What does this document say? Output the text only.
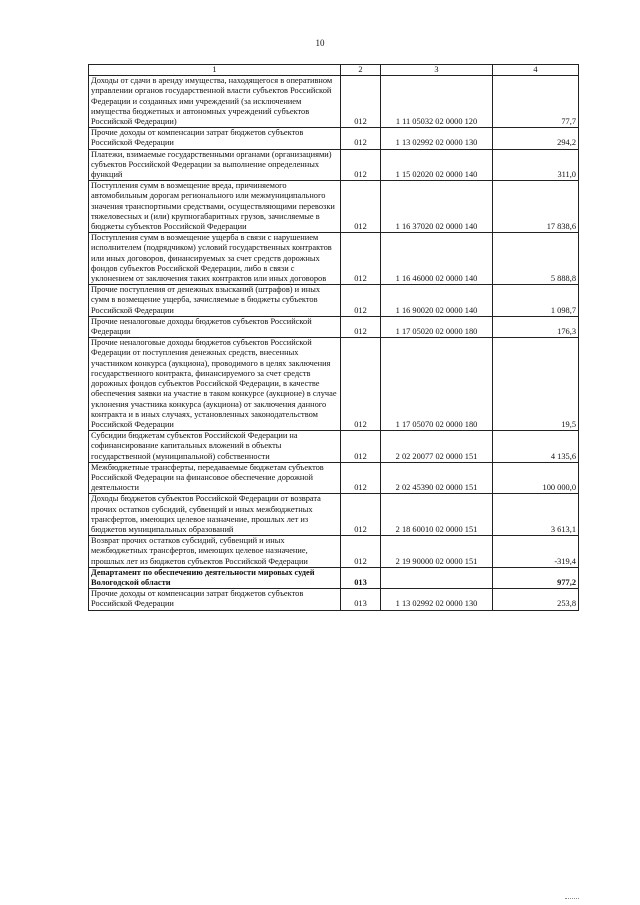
10
1	2	3	4
Доходы от сдачи в аренду имущества, находящегося в оперативном управлении органов государственной власти субъектов Российской Федерации и созданных ими учреждений (за исключением имущества бюджетных и автономных учреждений субъектов Российской Федерации)	012	1 11 05032 02 0000 120	77,7
Прочие доходы от компенсации затрат бюджетов субъектов Российской Федерации	012	1 13 02992 02 0000 130	294,2
Платежи, взимаемые государственными органами (организациями) субъектов Российской Федерации за выполнение определенных функций	012	1 15 02020 02 0000 140	311,0
Поступления сумм в возмещение вреда, причиняемого автомобильным дорогам регионального или межмуниципального значения транспортными средствами, осуществляющими перевозки тяжеловесных и (или) крупногабаритных грузов, зачисляемые в бюджеты субъектов Российской Федерации	012	1 16 37020 02 0000 140	17 838,6
Поступления сумм в возмещение ущерба в связи с нарушением исполнителем (подрядчиком) условий государственных контрактов или иных договоров, финансируемых за счет средств дорожных фондов субъектов Российской Федерации, либо в связи с уклонением от заключения таких контрактов или иных договоров	012	1 16 46000 02 0000 140	5 888,8
Прочие поступления от денежных взысканий (штрафов) и иных сумм в возмещение ущерба, зачисляемые в бюджеты субъектов Российской Федерации	012	1 16 90020 02 0000 140	1 098,7
Прочие неналоговые доходы бюджетов субъектов Российской Федерации	012	1 17 05020 02 0000 180	176,3
Прочие неналоговые доходы бюджетов субъектов Российской Федерации от поступления денежных средств, внесенных участником конкурса (аукциона), проводимого в целях заключения государственного контракта, финансируемого за счет средств дорожных фондов субъектов Российской Федерации, в качестве обеспечения заявки на участие в таком конкурсе (аукционе) в случае уклонения участника конкурса (аукциона) от заключения данного контракта и в иных случаях, установленных законодательством Российской Федерации	012	1 17 05070 02 0000 180	19,5
Субсидии бюджетам субъектов Российской Федерации на софинансирование капитальных вложений в объекты государственной (муниципальной) собственности	012	2 02 20077 02 0000 151	4 135,6
Межбюджетные трансферты, передаваемые бюджетам субъектов Российской Федерации на финансовое обеспечение дорожной деятельности	012	2 02 45390 02 0000 151	100 000,0
Доходы бюджетов субъектов Российской Федерации от возврата прочих остатков субсидий, субвенций и иных межбюджетных трансфертов, имеющих целевое назначение, прошлых лет из бюджетов муниципальных образований	012	2 18 60010 02 0000 151	3 613,1
Возврат прочих остатков субсидий, субвенций и иных межбюджетных трансфертов, имеющих целевое назначение, прошлых лет из бюджетов субъектов Российской Федерации	012	2 19 90000 02 0000 151	-319,4
Департамент по обеспечению деятельности мировых судей Вологодской области	013		977,2
Прочие доходы от компенсации затрат бюджетов субъектов Российской Федерации	013	1 13 02992 02 0000 130	253,8
